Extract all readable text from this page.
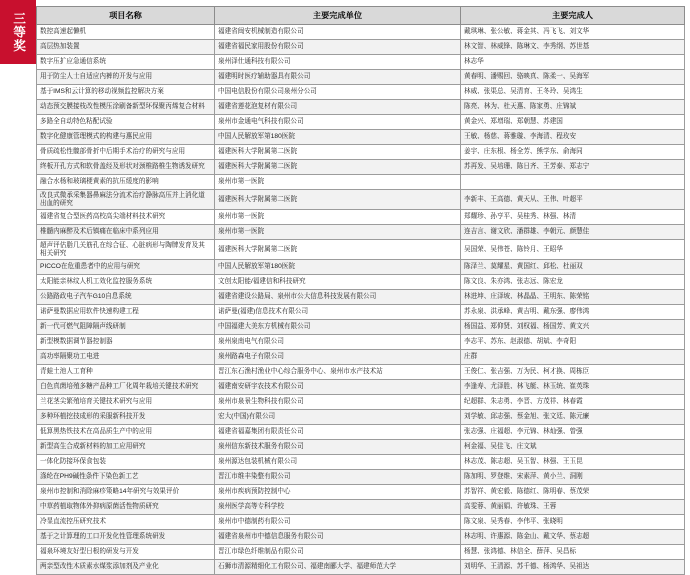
三等奖	项目名称	主要完成单位	主要完成人
数控高速起懒机	福建省闽安机械制造有限公司	戴琪琳、张公敏、蒋金其、冯飞飞、刘文华
高层热加装置	福建省福民家用股份有限公司	林文智、林威锋、陈琳文、李秀纲、苏世基
数字压扩应急通信系统	泉州泽仕通科技有限公司	林志华
用于防尘人士自适应内裤的开发与应用	福建明时医疗辅助器具有限公司	黄春明、潘赐回、骆映真、陈柔一、吴海军
基于IMS和云计算的移动视频监控解决方案	中国电信股份有限公司泉州分公司	林威、张渠总、吴清育、王冬玲、吴鸿生
动态预交膜接枝改性模压涂刷备新型环保聚丙烯复合材料	福建省莲花泡复材有限公司	陈亮、林为、杜天惠、陈家勇、庄锦斌
多路全自动特色粘配试验	泉州市金通电气科技有限公司	黄金兴、郑增瑞、郑朝慧、苏建国
数字化健康管理模式的构建与惠民应用	中国人民解放军第180医院	王敏、杨慈、蒋雅璇、李海清、程玫安
骨质疏松性髋部骨折中后期手术治疗的研究与应用	福建医科大学附属第二医院	姜宇、庄东根、杨全芳、熊学东、俞海同
终板开孔方式和软骨盖经及形状对颈椎路椎生物诱发研究	福建医科大学附属第二医院	苏再发、吴培珊、陈日齐、王芳泰、郑志宁
融合水杨和玻璃梗黄素的抗压缓度的影响	泉州市第一医院	
改良式微承采集器鼻麻法分流术治疗静脉高压并上消化道出血的研究	福建医科大学附属第二医院	李新丰、王高德、黄天从、王伟、叶超平
福建省复合型医药高校高尖端材料技术研究	泉州市第一医院	郑耀珍、孙亨平、吴桂秀、林强、林清
椎髓内麻醉及术后镇痛在临床中系列应用	泉州市第一医院	连吉言、谢文欣、潘群雄、李朝元、颜慧佳
超声评估脂几关筋孔在综合征、心脏病形与陶牌发育及其相关研究	福建医科大学附属第二医院	吴国荣、吴伟苍、陈铃月、王昭华
PICCO在危重患者中的应用与研究	中国人民解放军第180医院	陈泽兰、莫耀星、黄国红、邱松、杜丽双
太阳能亲林纹人机工效化监控服务系统	文创太阳能/福建信和科技研究	陈文良、朱亦鸿、张志远、陈宏龙
公路路政电子汽车G10自息系统	福建省建设公路局、泉州市公大信息科技发展有限公司	林进坤、庄泽坡、林晶晶、王明东、陈荣铭
诺萨曼数据应用软件快速构建工程	诺萨曼(福建)信息技术有限公司	苏永泉、洪承峰、黄吉明、戴东强、廖伟鸿
新一代可燃气阻障隔声线研制	中国福建大美东方机械有限公司	杨国益、郑仰贤、刘权福、杨国芳、黄文兴
新型模数据调节器控制器	泉州泉南电气有限公司	李志平、苏东、赵淑德、胡斌、李奇阳
高功率隔聚功工电进	泉州路森电子有限公司	庄群
青蛙土池人工育种	晋江东石渔村渔业中心综合服务中心、泉州市水产技术站	王俊仁、张吉强、万为民、柯才换、周栋臣
白色真菌培殖多糖产品种工厂化周年栽培关键技术研究	福建南安研宇农技术有限公司	李逢寿、尤泽胜、林飞艇、林玉统、崔英珠
兰花茎尖繁殖培育关键技术研究与应用	泉州市泉景生物科技有限公司	纪超群、朱志勇、李晋、方茂祥、林春霞
多种环植挖技成形的采服新科技开发	宏大(中国)有限公司	刘学敏、邱志强、蔡金旭、张文廷、陈元廉
低算黑热铁技术在高品质生产中的应用	福建省福嘉集团有限责任公司	张志强、庄福超、李元锦、林灿强、曾强
新型高生合成新材料的加工应用研究	泉州信东新技术服务有限公司	柯金福、吴佳飞、庄文斌
一体化防接环保食包装	泉州源达包装机械有限公司	林志茂、陈志超、吴玉智、林强、王玉昆
涤纶在PH9碱性条件下染色新工艺	晋江市维丰染整有限公司	陈加明、罗登维、宋素萍、黄小兰、洞刚
泉州市控制和消除麻疹策略14年研究与效果评价	泉州市疾病预防控制中心	苏智祥、黄宏毅、陈德红、陈明春、蔡茂荣
中草药植取物体外抑病原菌活性物质研究	泉州医学高等专科学校	高雯蓉、黄丽娟、许敏珠、王蓉
冷显直流控压研究技术	泉州市中德制药有限公司	陈文泉、吴秀春、李伟平、张晓明
基于之计算理的工口开发化性管理系统研发	福建省泉州市中德信息服务有限公司	林志明、许惠源、陈金山、戴文华、蔡志超
福泉环境友好型日根的研发与开发	晋江市绿色纤维制品有限公司	杨慧、张鸿德、林信全、薛萍、吴昌标
两亲型改性木质素水煤浆添加剂及产业化	石狮市清源精细化工有限公司、福建南郦大学、福建师范大学	刘明华、王清源、苏千德、杨鸿华、吴祖达
